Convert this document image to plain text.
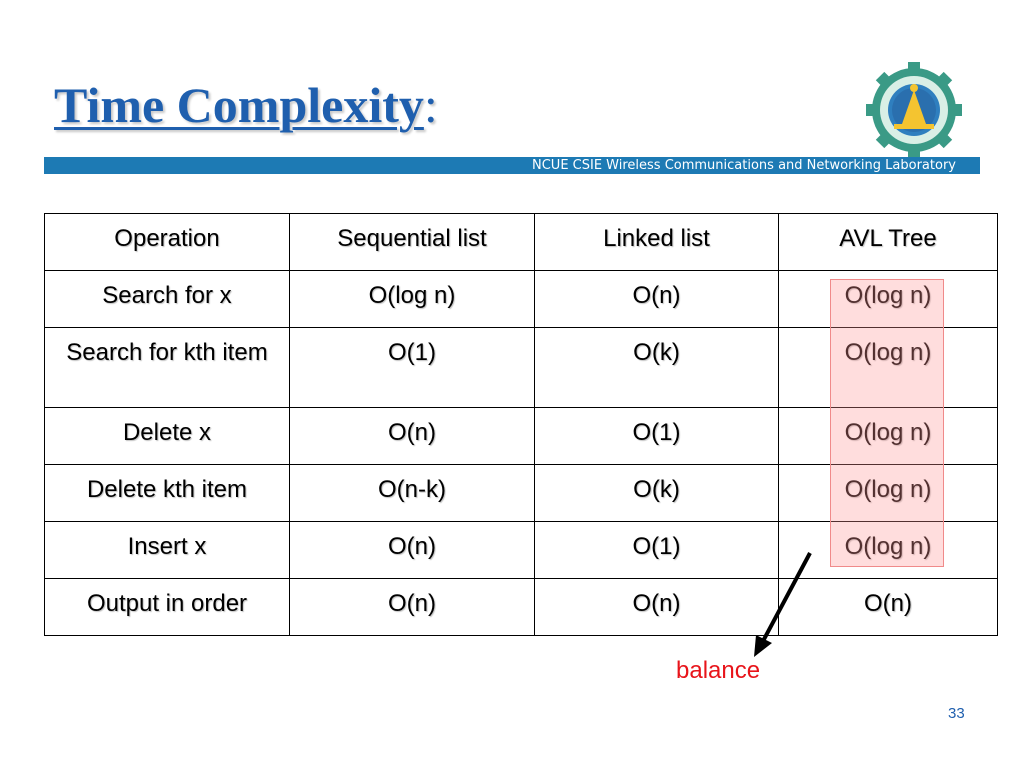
Time Complexity:
NCUE CSIE Wireless Communications and Networking Laboratory
Operation	Sequential list	Linked list	AVL Tree
Search for x	O(log n)	O(n)	O(log n)
Search for kth item	O(1)	O(k)	O(log n)
Delete x	O(n)	O(1)	O(log n)
Delete kth item	O(n-k)	O(k)	O(log n)
Insert x	O(n)	O(1)	O(log n)
Output in order	O(n)	O(n)	O(n)
balance
33
